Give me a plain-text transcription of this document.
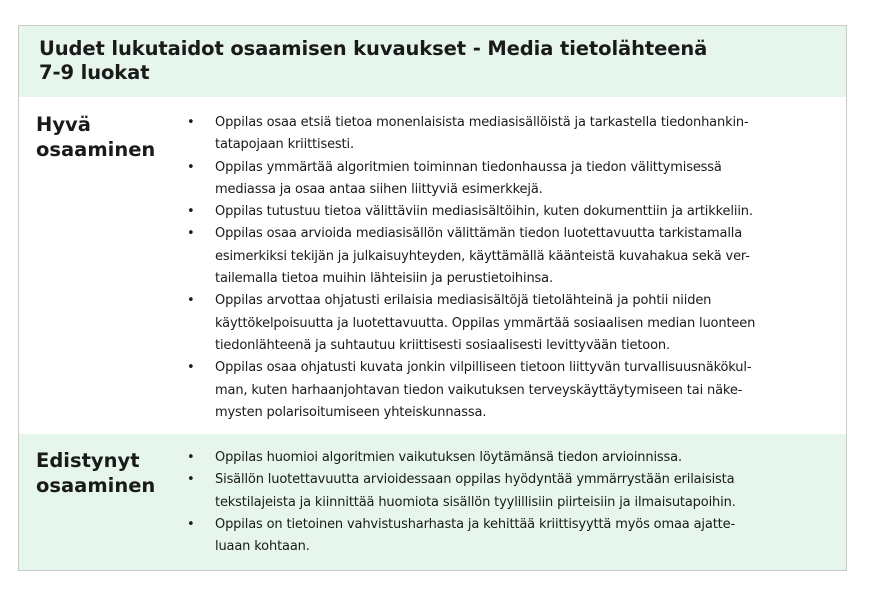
Uudet lukutaidot osaamisen kuvaukset - Media tietolähteenä
7-9 luokat
Hyvä
osaaminen
• Oppilas osaa etsiä tietoa monenlaisista mediasisällöistä ja tarkastella tiedonhankin-
tatapojaan kriittisesti.
• Oppilas ymmärtää algoritmien toiminnan tiedonhaussa ja tiedon välittymisessä
mediassa ja osaa antaa siihen liittyviä esimerkkejä.
• Oppilas tutustuu tietoa välittäviin mediasisältöihin, kuten dokumenttiin ja artikkeliin.
• Oppilas osaa arvioida mediasisällön välittämän tiedon luotettavuutta tarkistamalla
esimerkiksi tekijän ja julkaisuyhteyden, käyttämällä käänteistä kuvahakua sekä ver-
tailemalla tietoa muihin lähteisiin ja perustietoihinsa.
• Oppilas arvottaa ohjatusti erilaisia mediasisältöjä tietolähteinä ja pohtii niiden
käyttökelpoisuutta ja luotettavuutta. Oppilas ymmärtää sosiaalisen median luonteen
tiedonlähteenä ja suhtautuu kriittisesti sosiaalisesti levittyvään tietoon.
• Oppilas osaa ohjatusti kuvata jonkin vilpilliseen tietoon liittyvän turvallisuusnäkökul-
man, kuten harhaanjohtavan tiedon vaikutuksen terveyskäyttäytymiseen tai näke-
mysten polarisoitumiseen yhteiskunnassa.
Edistynyt
osaaminen
• Oppilas huomioi algoritmien vaikutuksen löytämänsä tiedon arvioinnissa.
• Sisällön luotettavuutta arvioidessaan oppilas hyödyntää ymmärrystään erilaisista
tekstilajeista ja kiinnittää huomiota sisällön tyylillisiin piirteisiin ja ilmaisutapoihin.
• Oppilas on tietoinen vahvistusharhasta ja kehittää kriittisyyttä myös omaa ajatte-
luaan kohtaan.
